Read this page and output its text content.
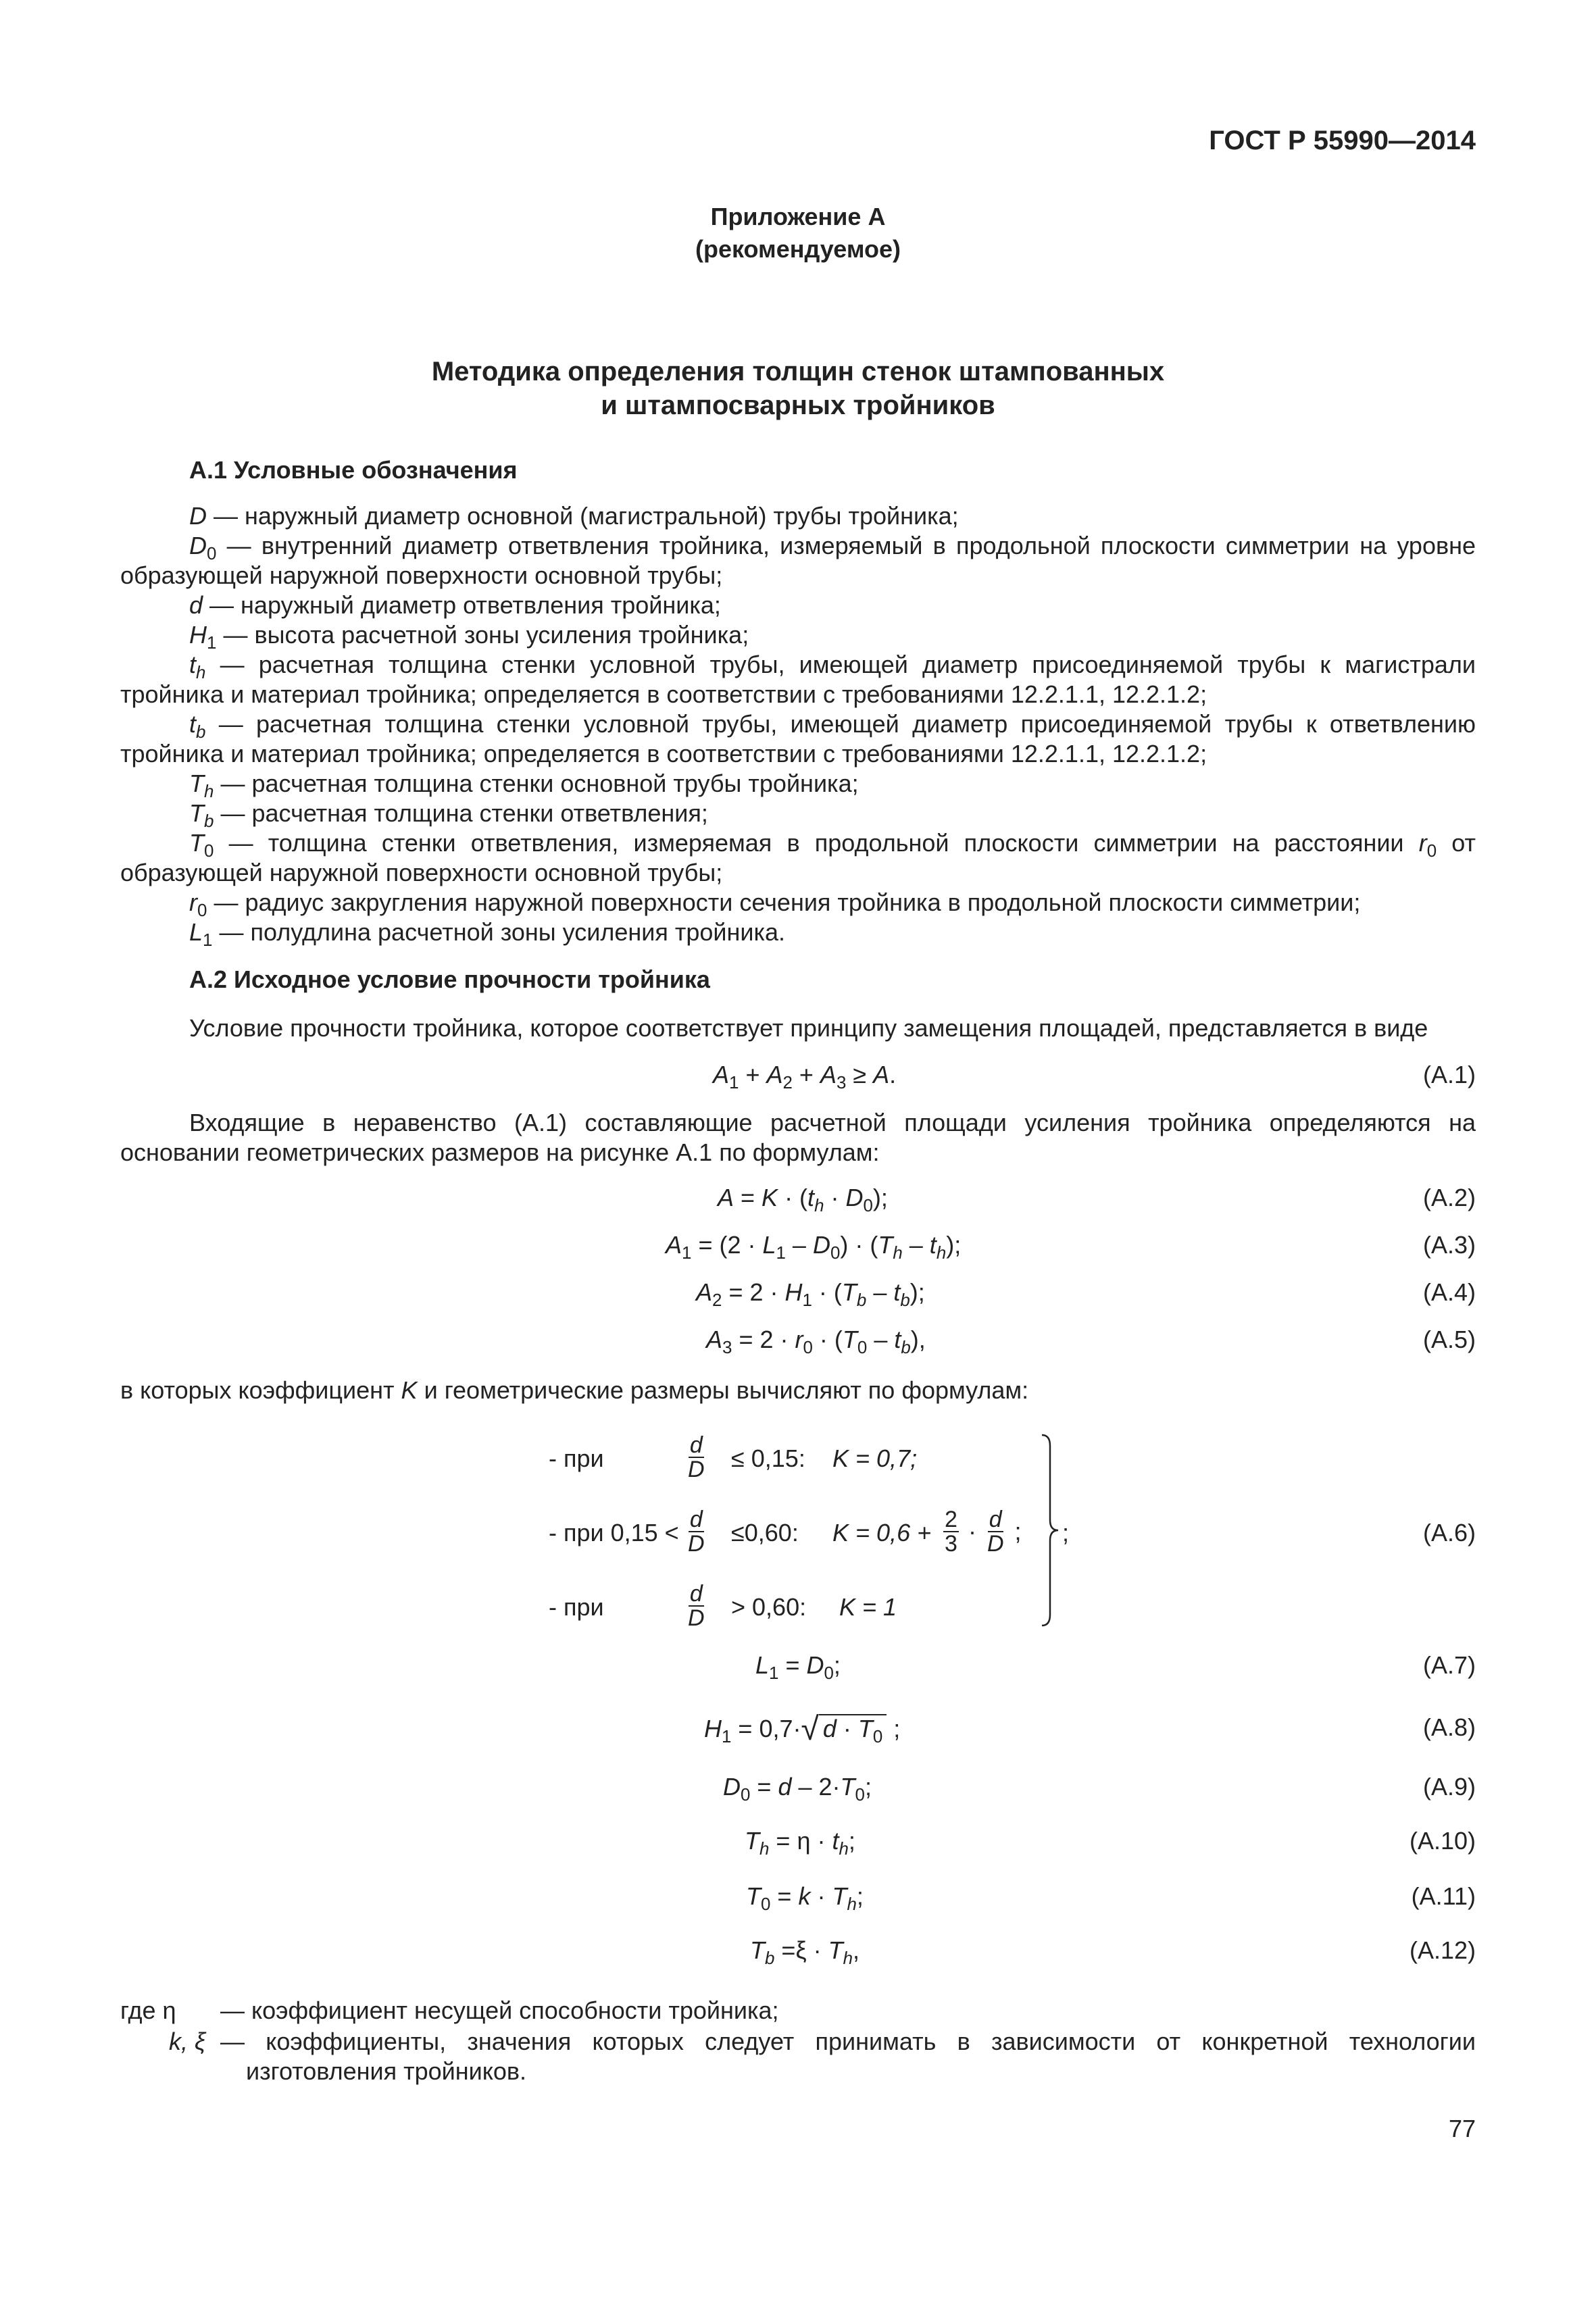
ГОСТ Р 55990—2014
Приложение А
(рекомендуемое)
Методика определения толщин стенок штампованных
и штампосварных тройников
А.1 Условные обозначения
D — наружный диаметр основной (магистральной) трубы тройника;
$D_0$ — внутренний диаметр ответвления тройника, измеряемый в продольной плоскости симметрии на уровне образующей наружной поверхности основной трубы;
d — наружный диаметр ответвления тройника;
$H_1$ — высота расчетной зоны усиления тройника;
$t_h$ — расчетная толщина стенки условной трубы, имеющей диаметр присоединяемой трубы к магистрали тройника и материал тройника; определяется в соответствии с требованиями 12.2.1.1, 12.2.1.2;
$t_b$ — расчетная толщина стенки условной трубы, имеющей диаметр присоединяемой трубы к ответвлению тройника и материал тройника; определяется в соответствии с требованиями 12.2.1.1, 12.2.1.2;
$T_h$ — расчетная толщина стенки основной трубы тройника;
$T_b$ — расчетная толщина стенки ответвления;
$T_0$ — толщина стенки ответвления, измеряемая в продольной плоскости симметрии на расстоянии $r_0$ от образующей наружной поверхности основной трубы;
$r_0$ — радиус закругления наружной поверхности сечения тройника в продольной плоскости симметрии;
$L_1$ — полудлина расчетной зоны усиления тройника.
А.2 Исходное условие прочности тройника
Условие прочности тройника, которое соответствует принципу замещения площадей, представляется в виде
$A_1 + A_2 + A_3 \ge A$.	(А.1)
Входящие в неравенство (А.1) составляющие расчетной площади усиления тройника определяются на основании геометрических размеров на рисунке А.1 по формулам:
$A = K \cdot (t_h \cdot D_0)$;	(А.2)
$A_1 = (2 \cdot L_1 - D_0) \cdot (T_h - t_h)$;	(А.3)
$A_2 = 2 \cdot H_1 \cdot (T_b - t_b)$;	(А.4)
$A_3 = 2 \cdot r_0 \cdot (T_0 - t_b)$,	(А.5)
в которых коэффициент K и геометрические размеры вычисляют по формулам:
- при	$\frac{d}{D} \le 0,15$: K = 0,7;
- при $0,15 < \frac{d}{D} \le 0,60$: $K = 0,6 + \frac{2}{3} \cdot \frac{d}{D}$ ;
- при	$\frac{d}{D} > 0,60$: K = 1
;	(А.6)
$L_1 = D_0$;	(А.7)
$H_1 = 0,7\cdot√$ $d \cdot T_0$ ;	(А.8)
$D_0 = d - 2\cdot T_0$;	(А.9)
$T_h = \eta \cdot t_h$;	(А.10)
$T_0 = k \cdot T_h$;	(А.11)
$T_b =\xi \cdot T_h$,	(А.12)
где η — коэффициент несущей способности тройника;
k, ξ — коэффициенты, значения которых следует принимать в зависимости от конкретной технологии изготовления тройников.
77
